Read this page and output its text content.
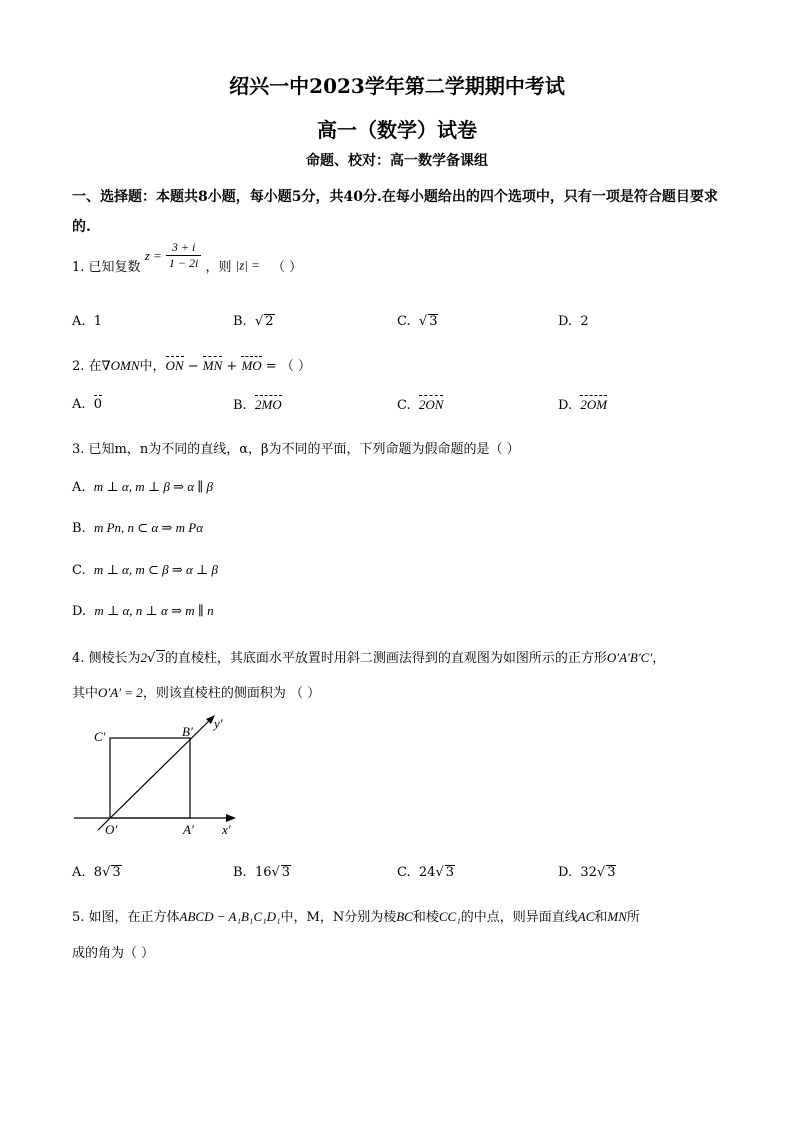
绍兴一中2023学年第二学期期中考试
高一（数学）试卷
命题、校对：高一数学备课组
一、选择题：本题共8小题，每小题5分，共40分.在每小题给出的四个选项中，只有一项是符合题目要求的.
1. 已知复数 $z = \frac{3 + i}{1 - 2i}$ ，则 |z| = （ ）
A. 1	B. √ 2	C. √ 3	D. 2
2. 在∇OMN中，ON − MN + MO = （ ）
A. 0	B. 2MO	C. 2ON	D. 2OM
3. 已知m，n为不同的直线，α，β为不同的平面，下列命题为假命题的是（ ）
A. m ⊥ α, m ⊥ β ⇒ α ∥ β
B. m Pn, n ⊂ α ⇒ m Pα
C. m ⊥ α, m ⊂ β ⇒ α ⊥ β
D. m ⊥ α, n ⊥ α ⇒ m ∥ n
4. 侧棱长为2√ 3的直棱柱，其底面水平放置时用斜二测画法得到的直观图为如图所示的正方形O′A′B′C′，
其中O′A′ = 2，则该直棱柱的侧面积为 （ ）
C′	B′
O′	A′ x′
y′
A. 8√ 3	B. 16√ 3	C. 24√ 3	D. 32√ 3
5. 如图，在正方体ABCD − A₁B₁C₁D₁中，M，N分别为棱BC和棱CC₁的中点，则异面直线AC和MN所
成的角为（ ）
